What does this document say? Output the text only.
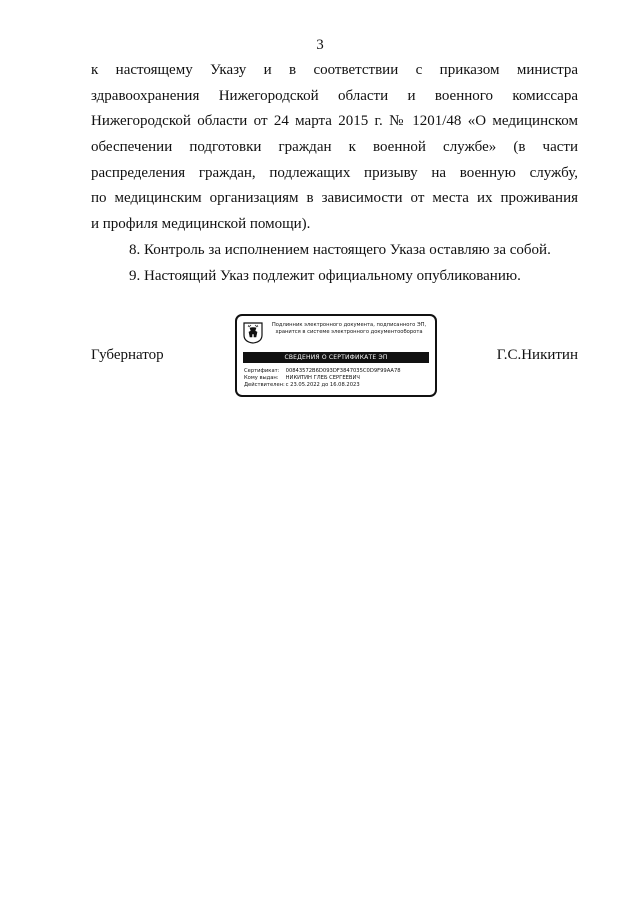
3
к настоящему Указу и в соответствии с приказом министра
здравоохранения Нижегородской области и военного комиссара
Нижегородской области от 24 марта 2015 г. № 1201/48 «О медицинском
обеспечении подготовки граждан к военной службе» (в части
распределения граждан, подлежащих призыву на военную службу,
по медицинским организациям в зависимости от места их проживания
и профиля медицинской помощи).
8. Контроль за исполнением настоящего Указа оставляю за собой.
9. Настоящий Указ подлежит официальному опубликованию.
Губернатор	Г.С.Никитин
Подлинник электронного документа, подписанного ЭП,
хранится в системе электронного документооборота
СВЕДЕНИЯ О СЕРТИФИКАТЕ ЭП
Сертификат: 00843572B6D093DF3847035C0D9F99AA78
Кому выдан: НИКИТИН ГЛЕБ СЕРГЕЕВИЧ
Действителен: с 23.05.2022 до 16.08.2023
